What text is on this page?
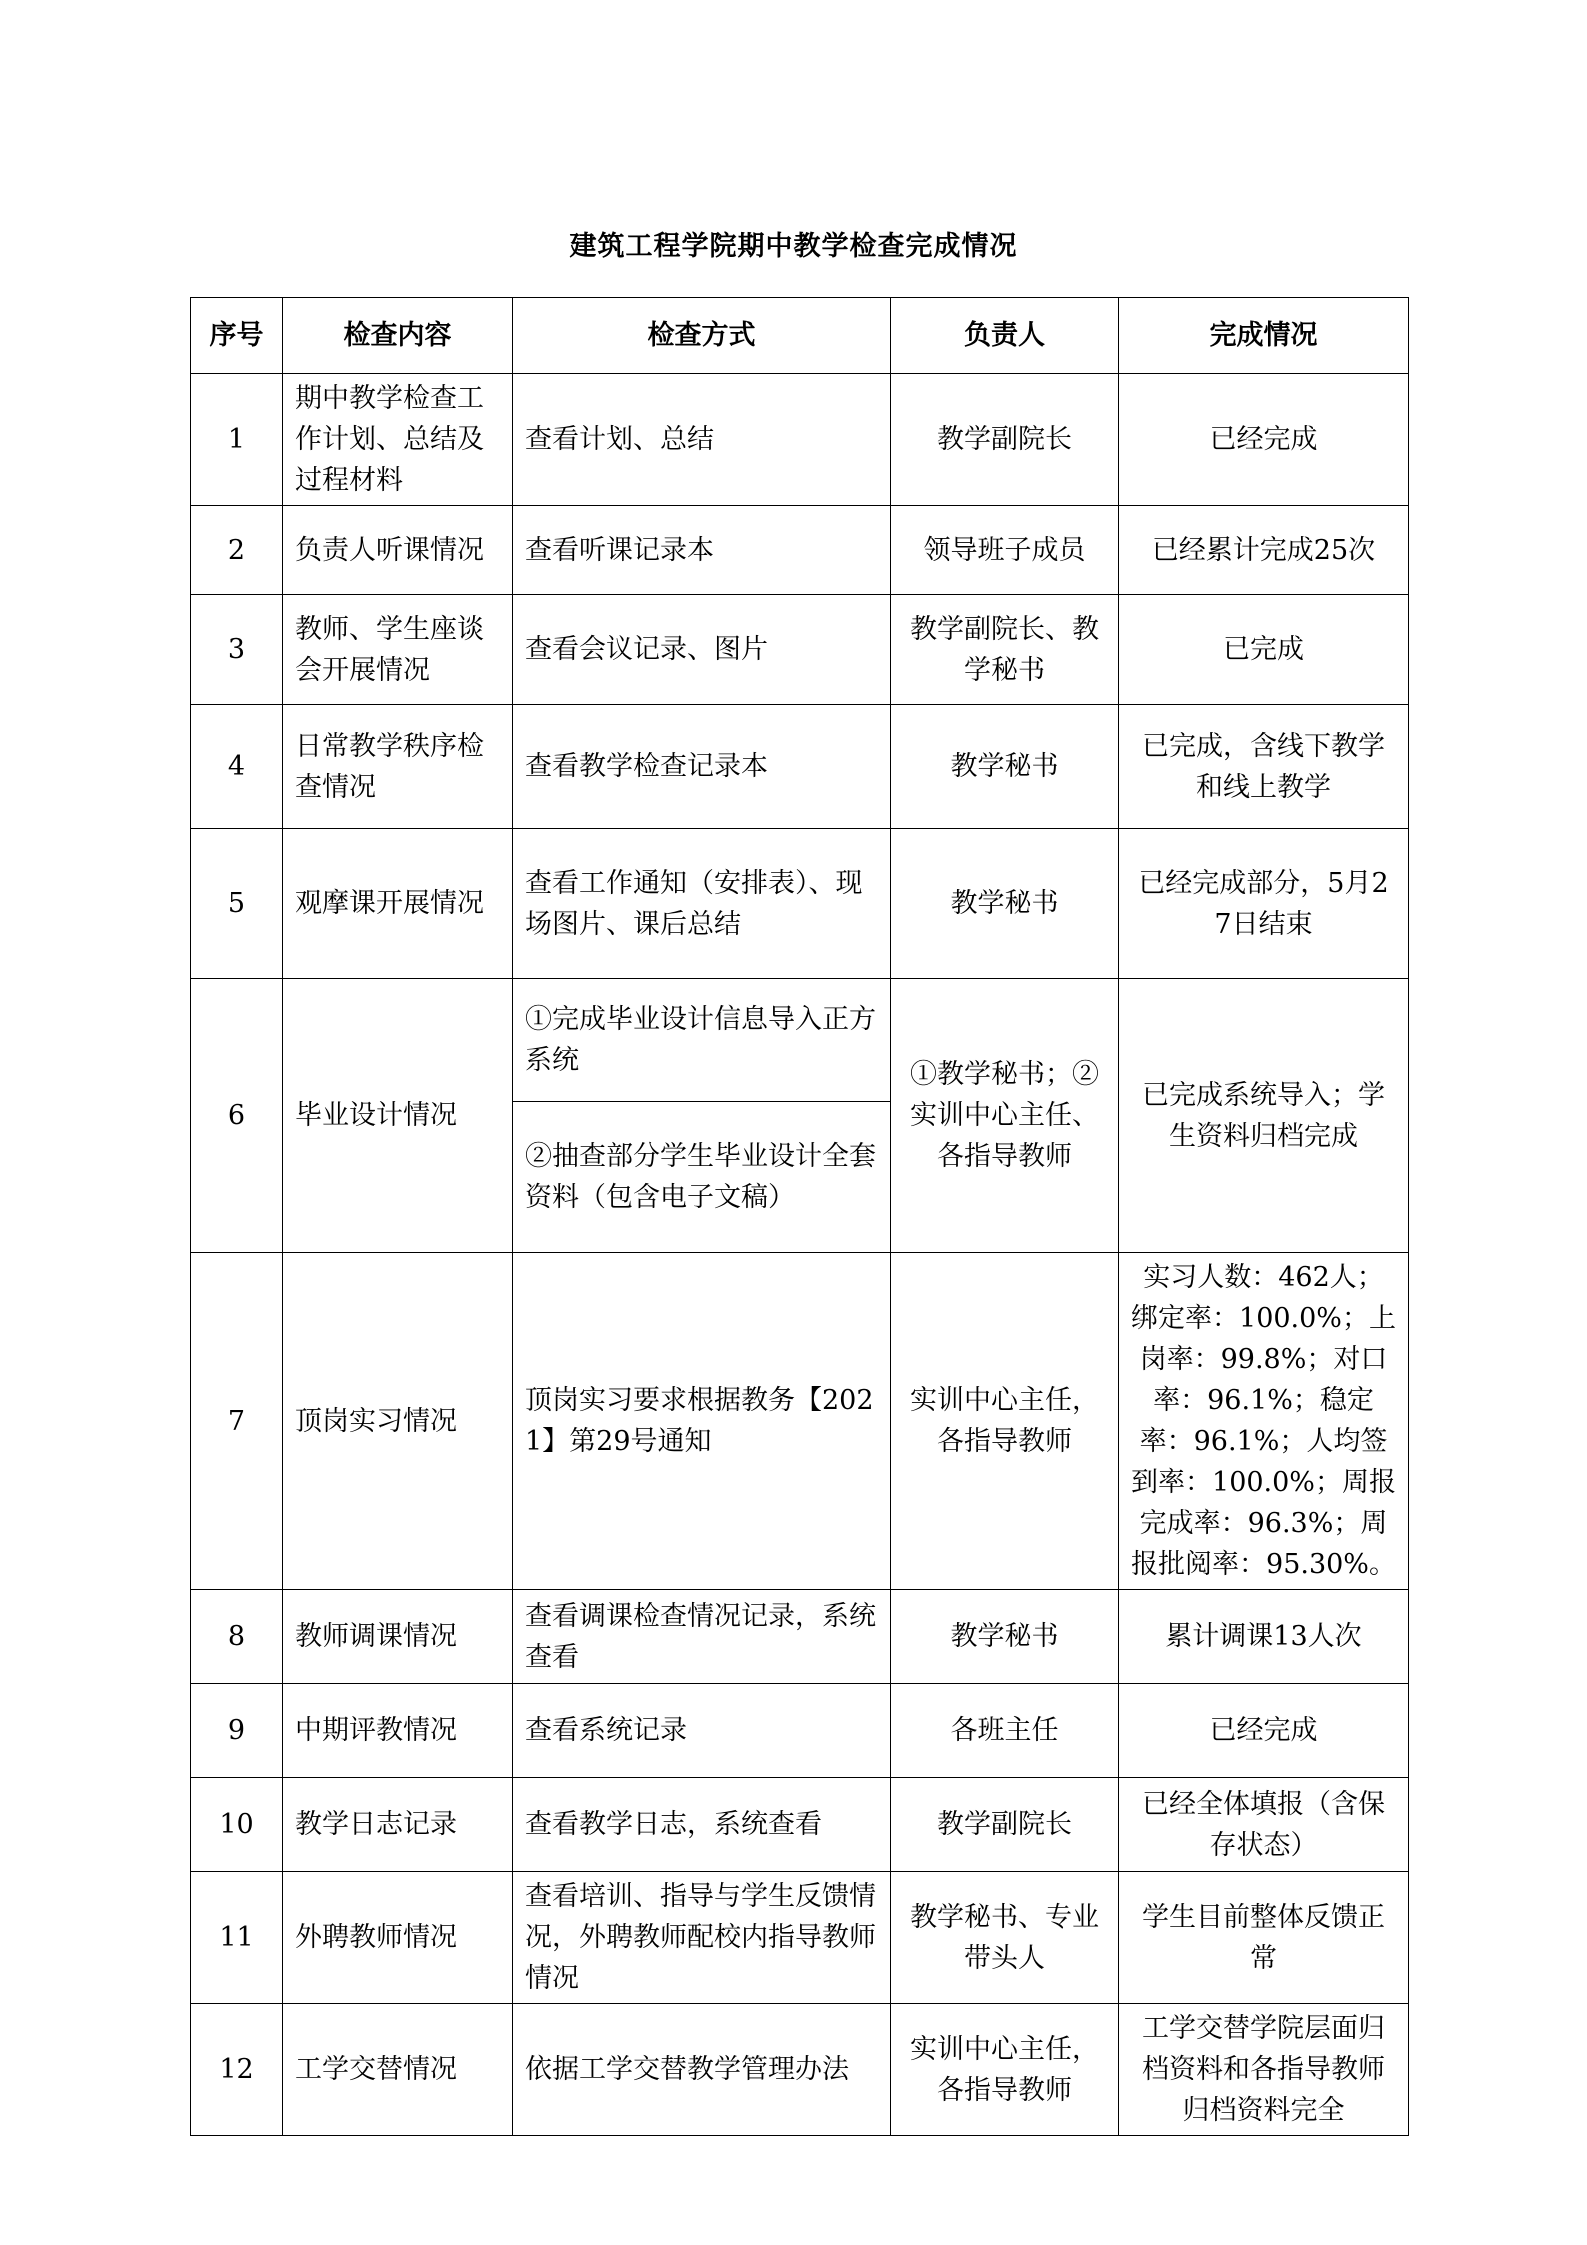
建筑工程学院期中教学检查完成情况
序号	检查内容	检查方式	负责人	完成情况
1	期中教学检查工作计划、总结及过程材料	查看计划、总结	教学副院长	已经完成
2	负责人听课情况	查看听课记录本	领导班子成员	已经累计完成25次
3	教师、学生座谈会开展情况	查看会议记录、图片	教学副院长、教学秘书	已完成
4	日常教学秩序检查情况	查看教学检查记录本	教学秘书	已完成，含线下教学和线上教学
5	观摩课开展情况	查看工作通知（安排表）、现场图片、课后总结	教学秘书	已经完成部分，5月27日结束
6	毕业设计情况	①完成毕业设计信息导入正方系统	①教学秘书；②实训中心主任、各指导教师	已完成系统导入；学生资料归档完成
		②抽查部分学生毕业设计全套资料（包含电子文稿）		
7	顶岗实习情况	顶岗实习要求根据教务【2021】第29号通知	实训中心主任，各指导教师	实习人数：462人；绑定率：100.0%；上岗率：99.8%；对口率：96.1%；稳定率：96.1%；人均签到率：100.0%；周报完成率：96.3%；周报批阅率：95.30%。
8	教师调课情况	查看调课检查情况记录，系统查看	教学秘书	累计调课13人次
9	中期评教情况	查看系统记录	各班主任	已经完成
10	教学日志记录	查看教学日志，系统查看	教学副院长	已经全体填报（含保存状态）
11	外聘教师情况	查看培训、指导与学生反馈情况，外聘教师配校内指导教师情况	教学秘书、专业带头人	学生目前整体反馈正常
12	工学交替情况	依据工学交替教学管理办法	实训中心主任，各指导教师	工学交替学院层面归档资料和各指导教师归档资料完全
